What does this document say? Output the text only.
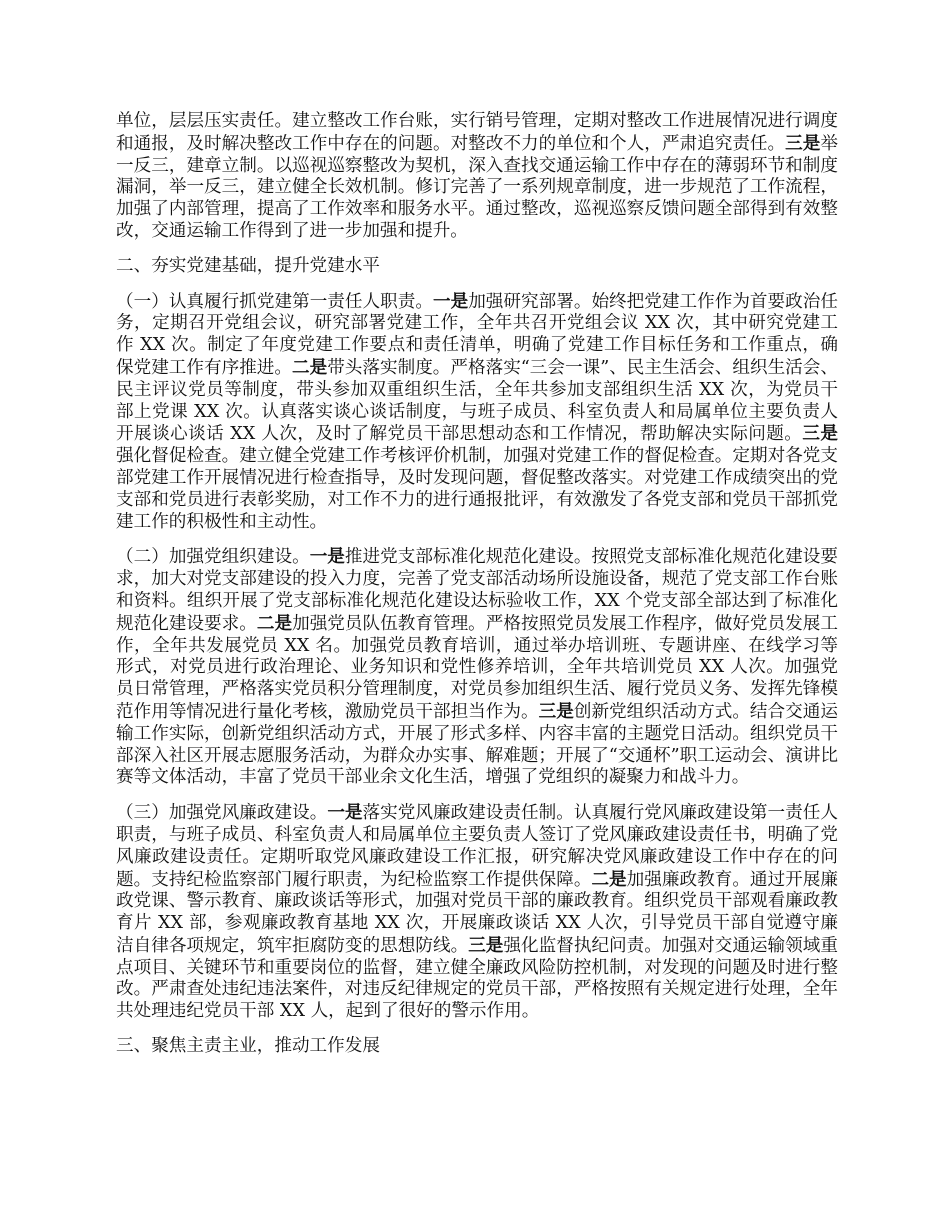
单位，层层压实责任。建立整改工作台账，实行销号管理，定期对整改工作进展情况进行调度和通报，及时解决整改工作中存在的问题。对整改不力的单位和个人，严肃追究责任。三是举一反三，建章立制。以巡视巡察整改为契机，深入查找交通运输工作中存在的薄弱环节和制度漏洞，举一反三，建立健全长效机制。修订完善了一系列规章制度，进一步规范了工作流程，加强了内部管理，提高了工作效率和服务水平。通过整改，巡视巡察反馈问题全部得到有效整改，交通运输工作得到了进一步加强和提升。

二、夯实党建基础，提升党建水平

（一）认真履行抓党建第一责任人职责。一是加强研究部署。始终把党建工作作为首要政治任务，定期召开党组会议，研究部署党建工作，全年共召开党组会议 XX 次，其中研究党建工作 XX 次。制定了年度党建工作要点和责任清单，明确了党建工作目标任务和工作重点，确保党建工作有序推进。二是带头落实制度。严格落实“三会一课”、民主生活会、组织生活会、民主评议党员等制度，带头参加双重组织生活，全年共参加支部组织生活 XX 次，为党员干部上党课 XX 次。认真落实谈心谈话制度，与班子成员、科室负责人和局属单位主要负责人开展谈心谈话 XX 人次，及时了解党员干部思想动态和工作情况，帮助解决实际问题。三是强化督促检查。建立健全党建工作考核评价机制，加强对党建工作的督促检查。定期对各党支部党建工作开展情况进行检查指导，及时发现问题，督促整改落实。对党建工作成绩突出的党支部和党员进行表彰奖励，对工作不力的进行通报批评，有效激发了各党支部和党员干部抓党建工作的积极性和主动性。

（二）加强党组织建设。一是推进党支部标准化规范化建设。按照党支部标准化规范化建设要求，加大对党支部建设的投入力度，完善了党支部活动场所设施设备，规范了党支部工作台账和资料。组织开展了党支部标准化规范化建设达标验收工作，XX 个党支部全部达到了标准化规范化建设要求。二是加强党员队伍教育管理。严格按照党员发展工作程序，做好党员发展工作，全年共发展党员 XX 名。加强党员教育培训，通过举办培训班、专题讲座、在线学习等形式，对党员进行政治理论、业务知识和党性修养培训，全年共培训党员 XX 人次。加强党员日常管理，严格落实党员积分管理制度，对党员参加组织生活、履行党员义务、发挥先锋模范作用等情况进行量化考核，激励党员干部担当作为。三是创新党组织活动方式。结合交通运输工作实际，创新党组织活动方式，开展了形式多样、内容丰富的主题党日活动。组织党员干部深入社区开展志愿服务活动，为群众办实事、解难题；开展了“交通杯”职工运动会、演讲比赛等文体活动，丰富了党员干部业余文化生活，增强了党组织的凝聚力和战斗力。

（三）加强党风廉政建设。一是落实党风廉政建设责任制。认真履行党风廉政建设第一责任人职责，与班子成员、科室负责人和局属单位主要负责人签订了党风廉政建设责任书，明确了党风廉政建设责任。定期听取党风廉政建设工作汇报，研究解决党风廉政建设工作中存在的问题。支持纪检监察部门履行职责，为纪检监察工作提供保障。二是加强廉政教育。通过开展廉政党课、警示教育、廉政谈话等形式，加强对党员干部的廉政教育。组织党员干部观看廉政教育片 XX 部，参观廉政教育基地 XX 次，开展廉政谈话 XX 人次，引导党员干部自觉遵守廉洁自律各项规定，筑牢拒腐防变的思想防线。三是强化监督执纪问责。加强对交通运输领域重点项目、关键环节和重要岗位的监督，建立健全廉政风险防控机制，对发现的问题及时进行整改。严肃查处违纪违法案件，对违反纪律规定的党员干部，严格按照有关规定进行处理，全年共处理违纪党员干部 XX 人，起到了很好的警示作用。

三、聚焦主责主业，推动工作发展
